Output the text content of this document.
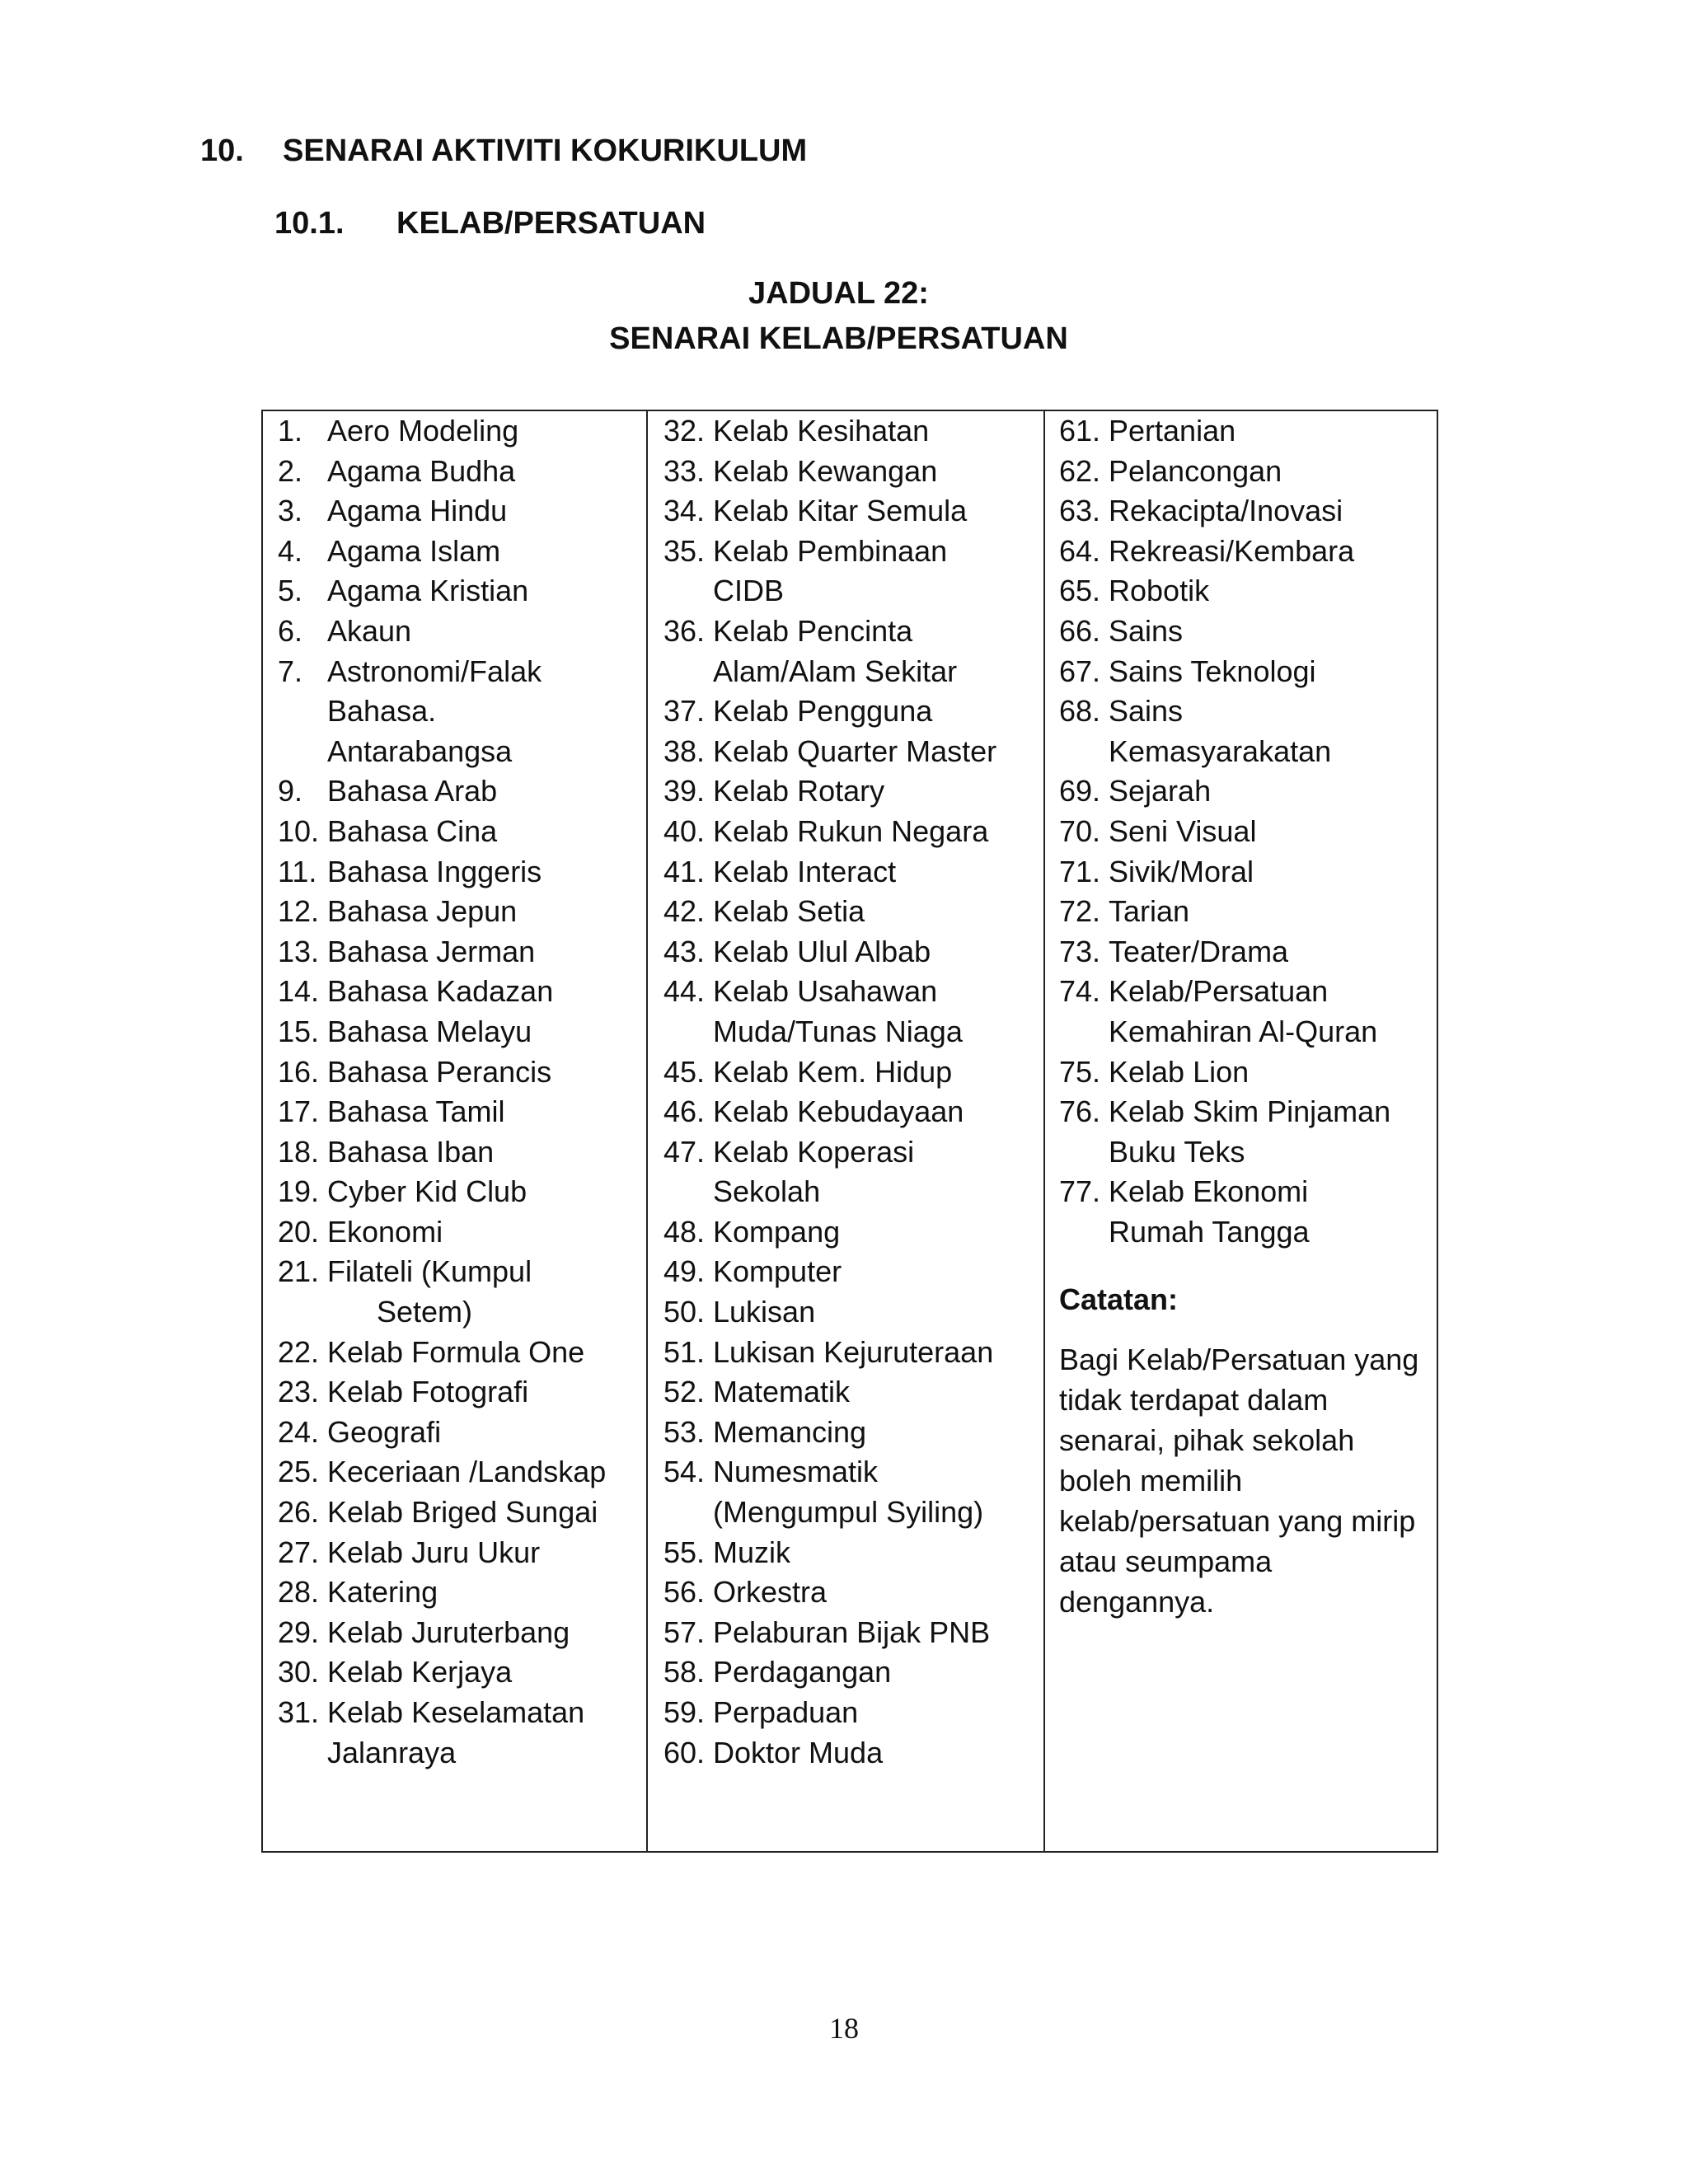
10. SENARAI AKTIVITI KOKURIKULUM
10.1. KELAB/PERSATUAN
JADUAL 22:
SENARAI KELAB/PERSATUAN
1. Aero Modeling
2. Agama Budha
3. Agama Hindu
4. Agama Islam
5. Agama Kristian
6. Akaun
7. Astronomi/Falak
Bahasa.
Antarabangsa
9. Bahasa Arab
10. Bahasa Cina
11. Bahasa Inggeris
12. Bahasa Jepun
13. Bahasa Jerman
14. Bahasa Kadazan
15. Bahasa Melayu
16. Bahasa Perancis
17. Bahasa Tamil
18. Bahasa Iban
19. Cyber Kid Club
20. Ekonomi
21. Filateli (Kumpul
Setem)
22. Kelab Formula One
23. Kelab Fotografi
24. Geografi
25. Keceriaan /Landskap
26. Kelab Briged Sungai
27. Kelab Juru Ukur
28. Katering
29. Kelab Juruterbang
30. Kelab Kerjaya
31. Kelab Keselamatan
Jalanraya
32. Kelab Kesihatan
33. Kelab Kewangan
34. Kelab Kitar Semula
35. Kelab Pembinaan
CIDB
36. Kelab Pencinta
Alam/Alam Sekitar
37. Kelab Pengguna
38. Kelab Quarter Master
39. Kelab Rotary
40. Kelab Rukun Negara
41. Kelab Interact
42. Kelab Setia
43. Kelab Ulul Albab
44. Kelab Usahawan
Muda/Tunas Niaga
45. Kelab Kem. Hidup
46. Kelab Kebudayaan
47. Kelab Koperasi
Sekolah
48. Kompang
49. Komputer
50. Lukisan
51. Lukisan Kejuruteraan
52. Matematik
53. Memancing
54. Numesmatik
(Mengumpul Syiling)
55. Muzik
56. Orkestra
57. Pelaburan Bijak PNB
58. Perdagangan
59. Perpaduan
60. Doktor Muda
61. Pertanian
62. Pelancongan
63. Rekacipta/Inovasi
64. Rekreasi/Kembara
65. Robotik
66. Sains
67. Sains Teknologi
68. Sains
Kemasyarakatan
69. Sejarah
70. Seni Visual
71. Sivik/Moral
72. Tarian
73. Teater/Drama
74. Kelab/Persatuan
Kemahiran Al-Quran
75. Kelab Lion
76. Kelab Skim Pinjaman
Buku Teks
77. Kelab Ekonomi
Rumah Tangga
Catatan:
Bagi Kelab/Persatuan yang tidak terdapat dalam senarai, pihak sekolah boleh memilih kelab/persatuan yang mirip atau seumpama dengannya.
18
